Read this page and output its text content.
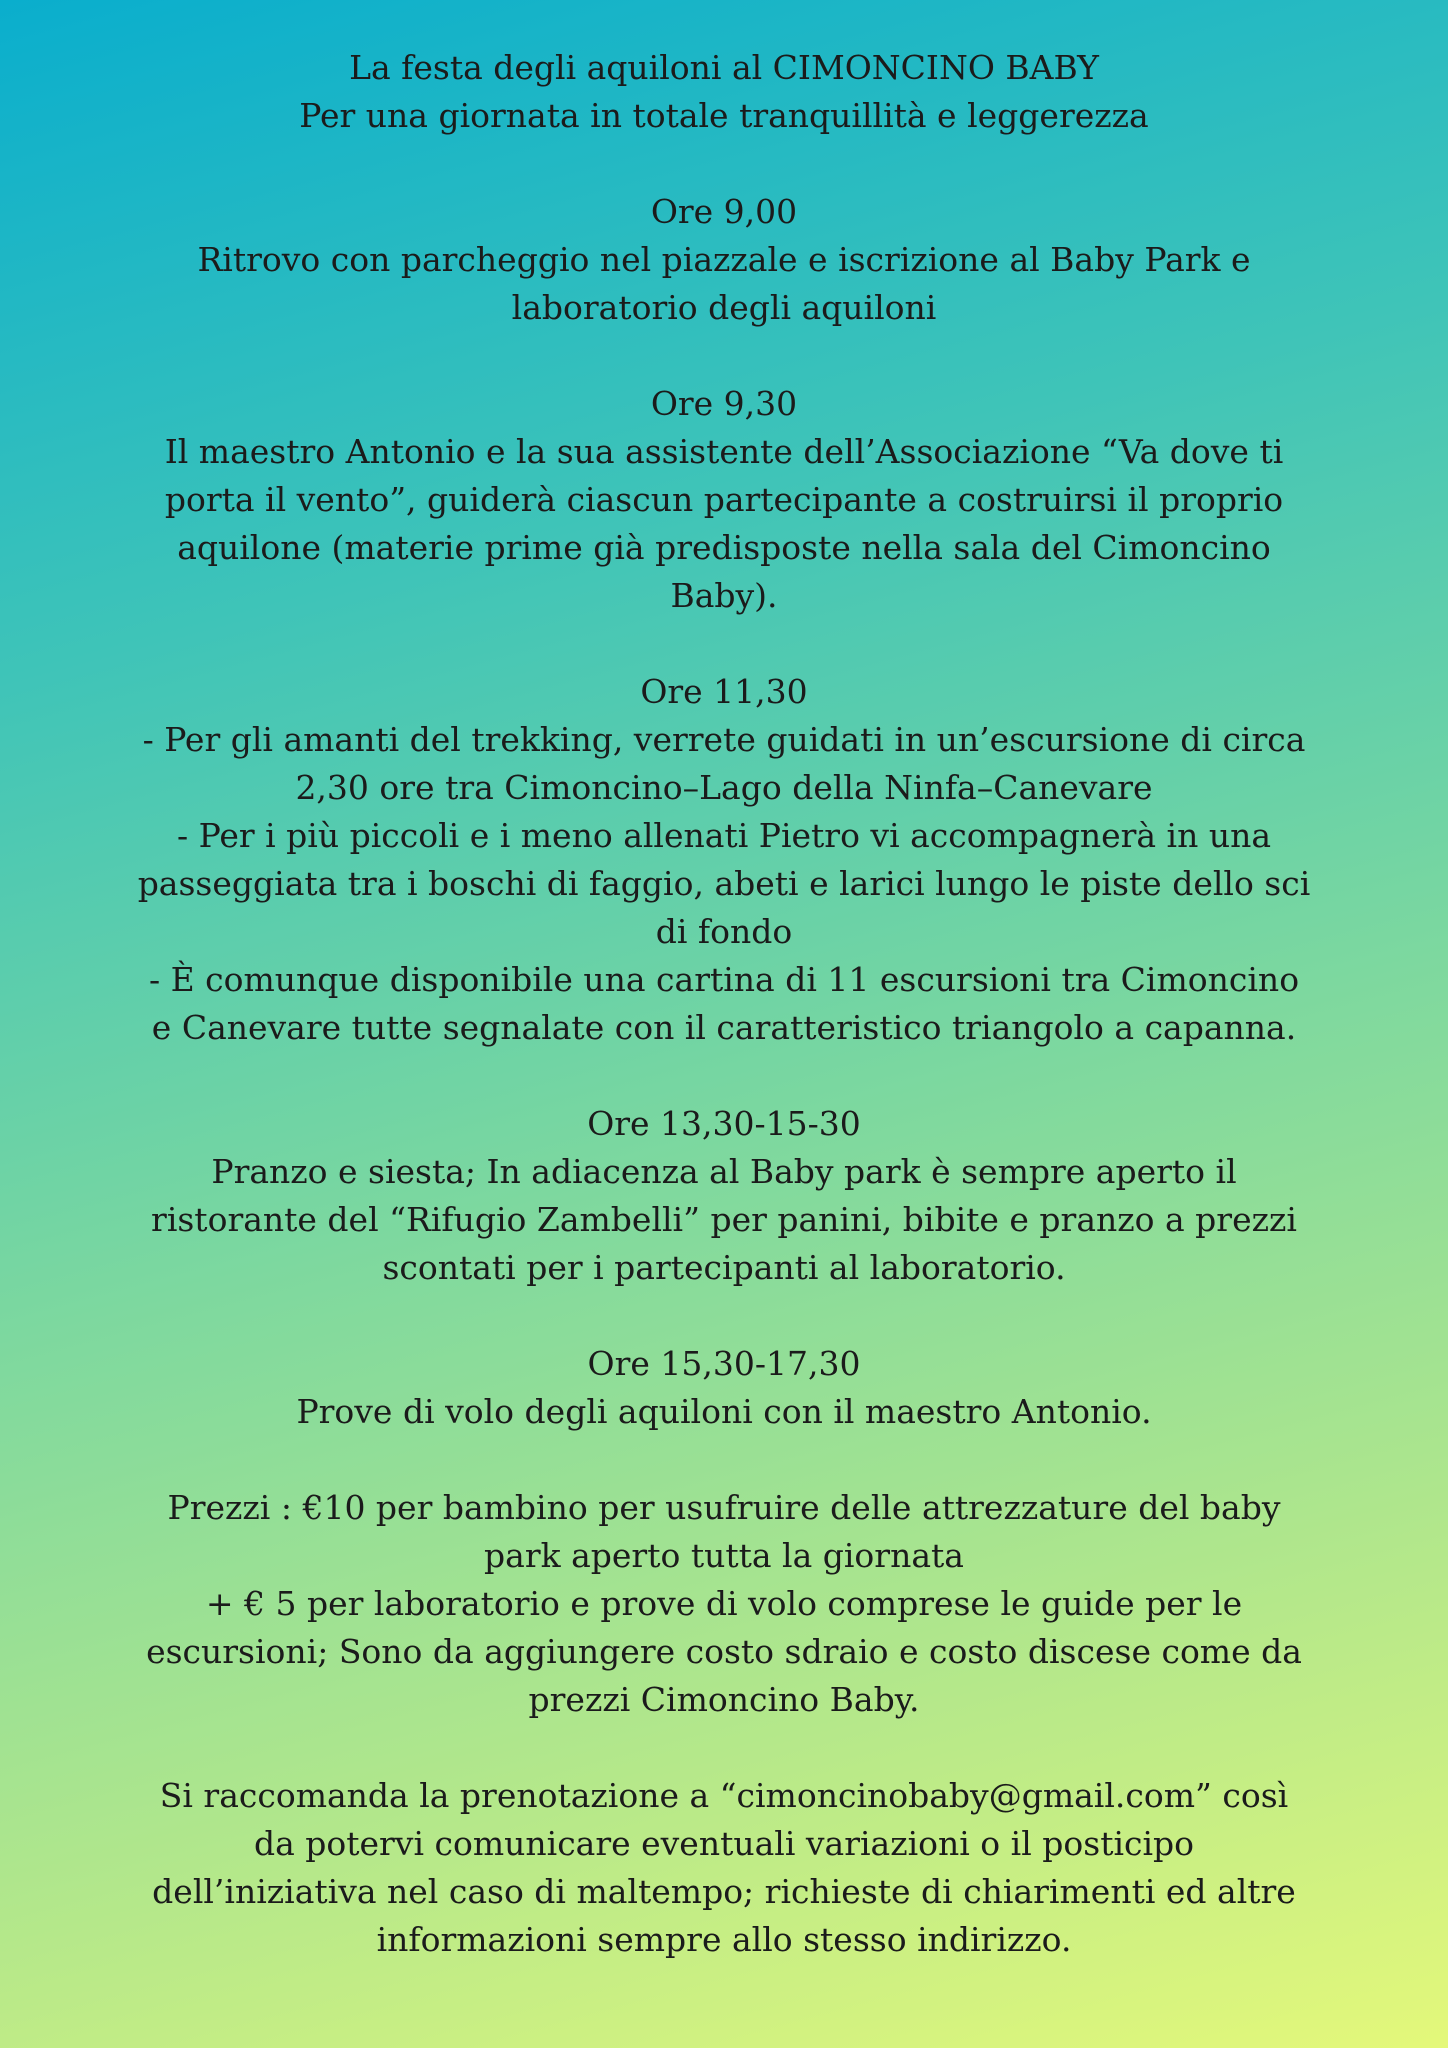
La festa degli aquiloni al CIMONCINO BABY
Per una giornata in totale tranquillità e leggerezza
Ore 9,00
Ritrovo con parcheggio nel piazzale e iscrizione al Baby Park e
laboratorio degli aquiloni
Ore 9,30
Il maestro Antonio e la sua assistente dell’Associazione “Va dove ti
porta il vento”, guiderà ciascun partecipante a costruirsi il proprio
aquilone (materie prime già predisposte nella sala del Cimoncino
Baby).
Ore 11,30
- Per gli amanti del trekking, verrete guidati in un’escursione di circa
2,30 ore tra Cimoncino–Lago della Ninfa–Canevare
- Per i più piccoli e i meno allenati Pietro vi accompagnerà in una
passeggiata tra i boschi di faggio, abeti e larici lungo le piste dello sci
di fondo
- È comunque disponibile una cartina di 11 escursioni tra Cimoncino
e Canevare tutte segnalate con il caratteristico triangolo a capanna.
Ore 13,30-15-30
Pranzo e siesta; In adiacenza al Baby park è sempre aperto il
ristorante del “Rifugio Zambelli” per panini, bibite e pranzo a prezzi
scontati per i partecipanti al laboratorio.
Ore 15,30-17,30
Prove di volo degli aquiloni con il maestro Antonio.
Prezzi : €10 per bambino per usufruire delle attrezzature del baby
park aperto tutta la giornata
+ € 5 per laboratorio e prove di volo comprese le guide per le
escursioni; Sono da aggiungere costo sdraio e costo discese come da
prezzi Cimoncino Baby.
Si raccomanda la prenotazione a “cimoncinobaby@gmail.com” così
da potervi comunicare eventuali variazioni o il posticipo
dell’iniziativa nel caso di maltempo; richieste di chiarimenti ed altre
informazioni sempre allo stesso indirizzo.
